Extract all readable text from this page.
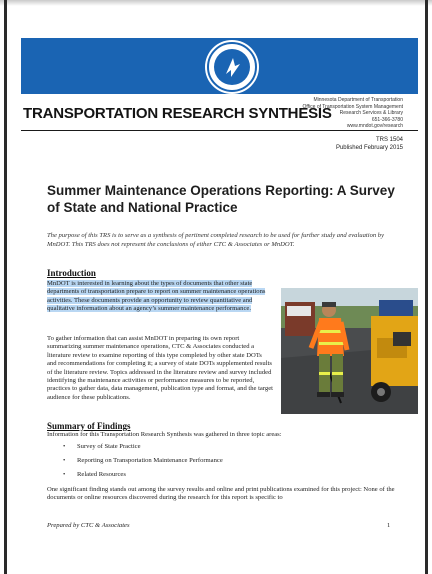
TRANSPORTATION RESEARCH SYNTHESIS
Minnesota Department of Transportation
Office of Transportation System Management
Research Services & Library
651-366-3780
www.mndot.gov/research
TRS 1504
Published February 2015
Summer Maintenance Operations Reporting: A Survey of State and National Practice
The purpose of this TRS is to serve as a synthesis of pertinent completed research to be used for further study and evaluation by MnDOT. This TRS does not represent the conclusions of either CTC & Associates or MnDOT.
Introduction
MnDOT is interested in learning about the types of documents that other state departments of transportation prepare to report on summer maintenance operations activities. These documents provide an opportunity to review quantitative and qualitative information about an agency’s summer maintenance performance.
To gather information that can assist MnDOT in preparing its own report summarizing summer maintenance operations, CTC & Associates conducted a literature review to examine reporting of this type completed by other state DOTs and recommendations for completing it; a survey of state DOTs supplemented results of the literature review. Topics addressed in the literature review and survey included identifying the maintenance activities or performance measures to be reported, practices to gather data, data management, publication type and format, and the target audience for these publications.
Summary of Findings
Information for this Transportation Research Synthesis was gathered in three topic areas:
• Survey of State Practice
• Reporting on Transportation Maintenance Performance
• Related Resources
One significant finding stands out among the survey results and online and print publications examined for this project: None of the documents or online resources discovered during the research for this report is specific to
Prepared by CTC & Associates	1
